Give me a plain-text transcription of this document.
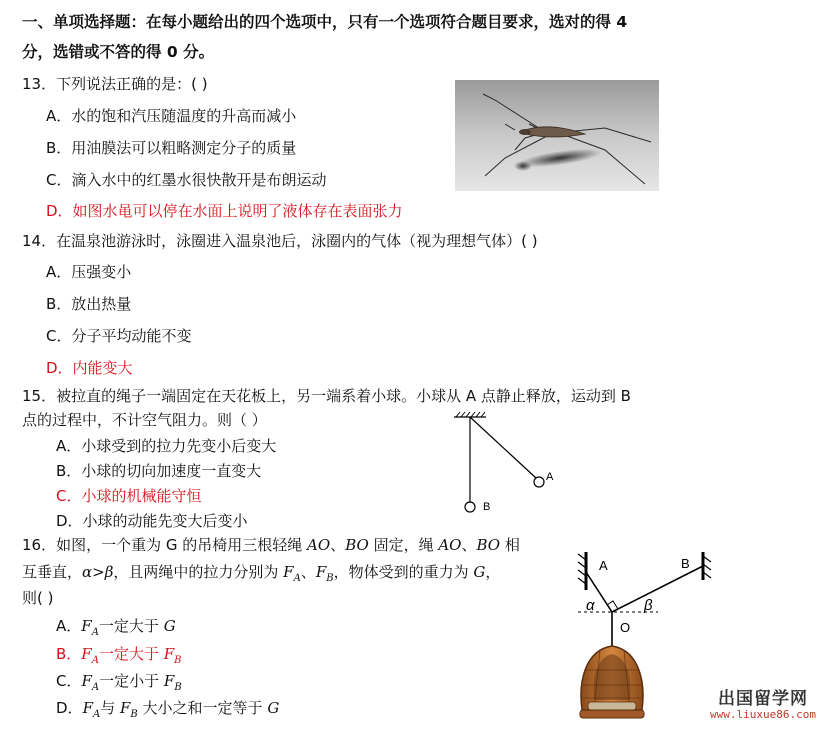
一、单项选择题：在每小题给出的四个选项中，只有一个选项符合题目要求，选对的得 4
分，选错或不答的得 0 分。
13．下列说法正确的是：( )
A．水的饱和汽压随温度的升高而减小
B．用油膜法可以粗略测定分子的质量
C．滴入水中的红墨水很快散开是布朗运动
D．如图水黾可以停在水面上说明了液体存在表面张力
14．在温泉池游泳时，泳圈进入温泉池后，泳圈内的气体（视为理想气体）( )
A．压强变小
B．放出热量
C．分子平均动能不变
D．内能变大
15．被拉直的绳子一端固定在天花板上，另一端系着小球。小球从 A 点静止释放，运动到 B
点的过程中，不计空气阻力。则（ ）
A．小球受到的拉力先变小后变大
B．小球的切向加速度一直变大
C．小球的机械能守恒
D．小球的动能先变大后变小
A
B
16．如图，一个重为 G 的吊椅用三根轻绳 AO、BO 固定，绳 AO、BO 相
互垂直，α>β，且两绳中的拉力分别为 $F_A$、$F_B$，物体受到的重力为 G，
则( )
A．$F_A$一定大于 G
B．$F_A$一定大于 $F_B$
C．$F_A$一定小于 $F_B$
D．$F_A$与 $F_B$ 大小之和一定等于 G
A	B
O
α	β
出国留学网
www.liuxue86.com
